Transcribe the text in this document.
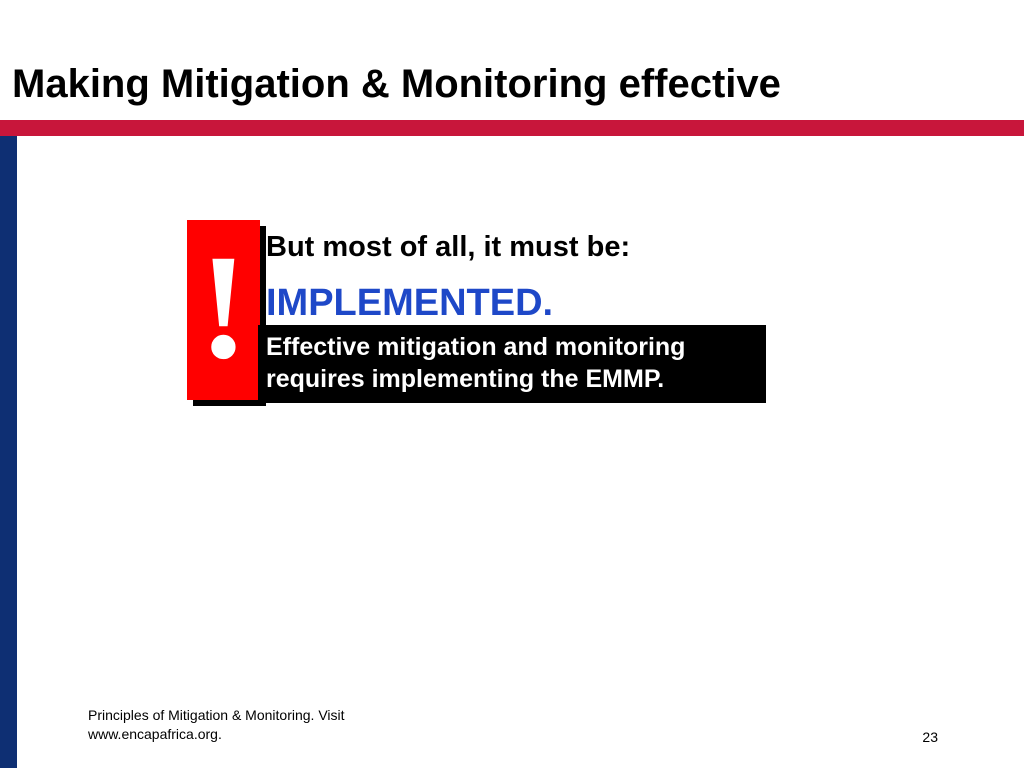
Making Mitigation & Monitoring effective
! But most of all, it must be:
IMPLEMENTED.
Effective mitigation and monitoring
requires implementing the EMMP.
Principles of Mitigation & Monitoring. Visit
www.encapafrica.org.	23
